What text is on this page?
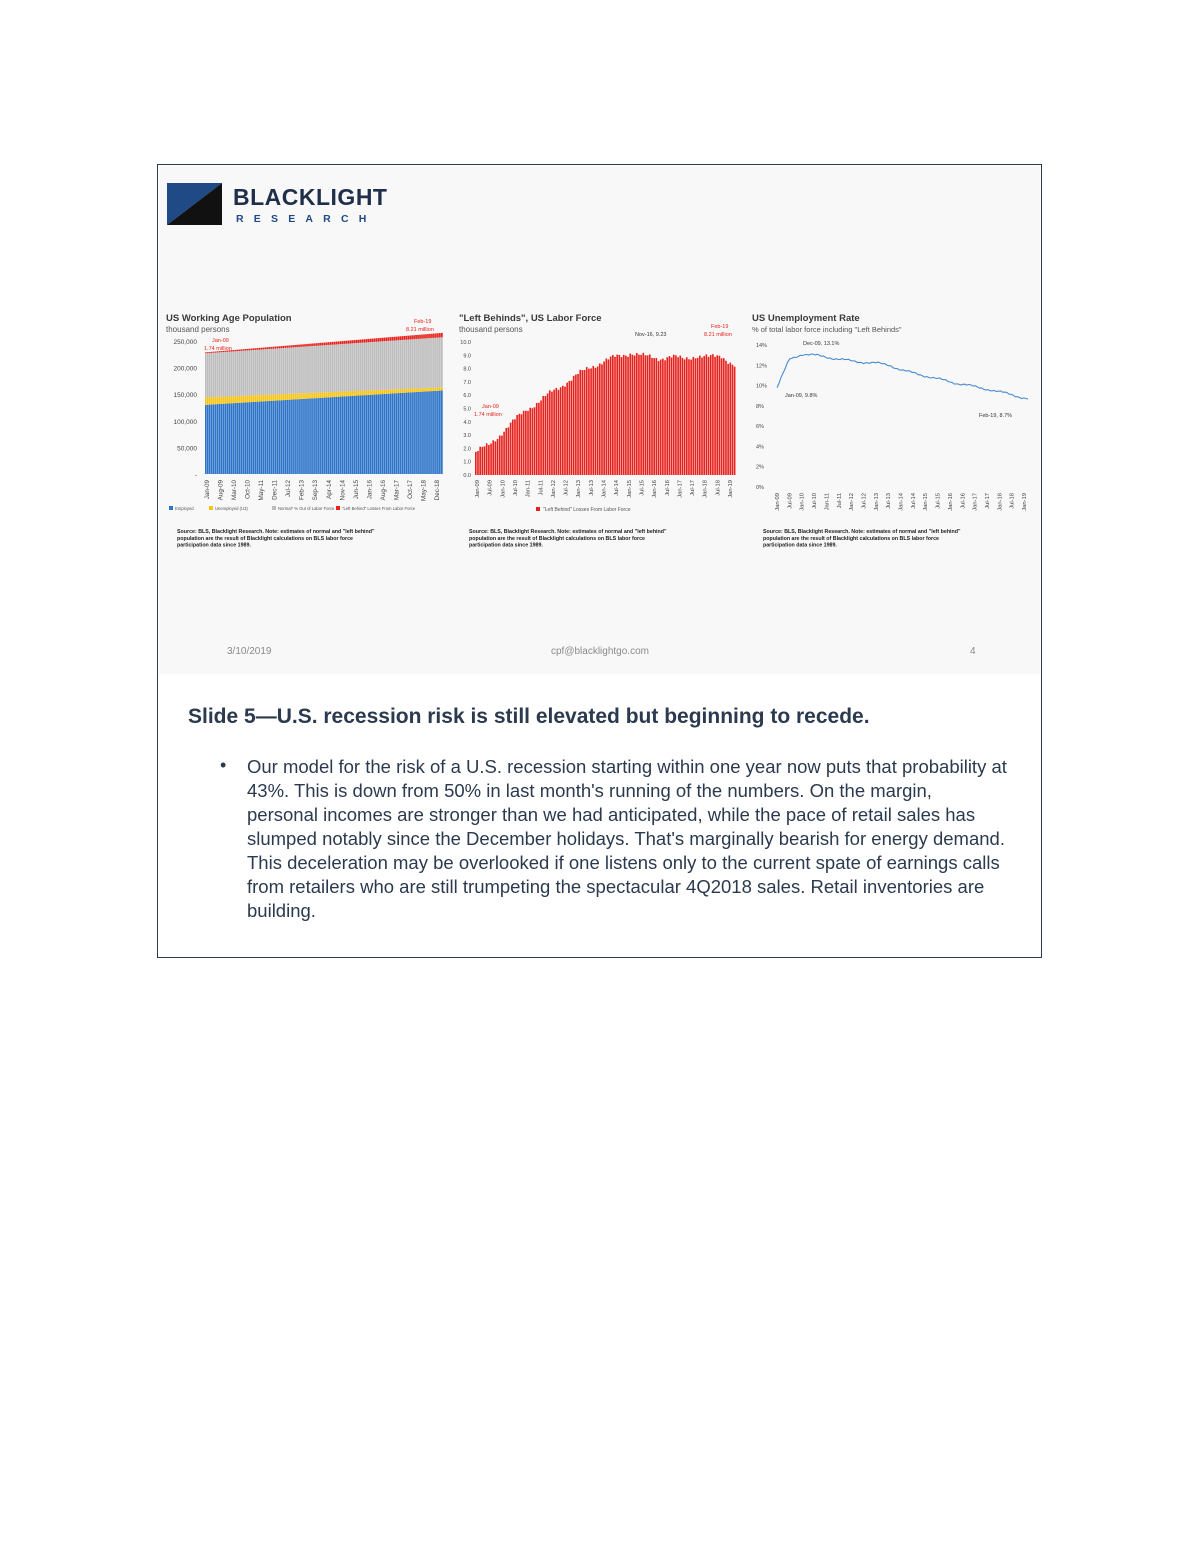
BLACKLIGHT
RESEARCH
US Working Age Population
thousand persons
250,000
200,000
150,000
100,000
50,000
-
Jan-09 Aug-09 Mar-10 Oct-10 May-11 Dec-11 Jul-12 Feb-13 Sep-13 Apr-14 Nov-14 Jun-15 Jan-16 Aug-16 Mar-17 Oct-17 May-18 Dec-18
Employed	Unemployed (U3)	Normal* % Out of Labor Force "Left Behind" Losses From Labor Force
Jan-09
1.74 million
Feb-19
8.21 million
Source: BLS, Blacklight Research. Note: estimates of normal and "left behind"
population are the result of Blacklight calculations on BLS labor force
participation data since 1989.
"Left Behinds", US Labor Force
thousand persons
10.0
9.0
8.0
7.0
6.0
5.0
4.0
3.0
2.0
1.0
0.0
Jan-09 Jul-09 Jan-10 Jul-10 Jan-11 Jul-11 Jan-12 Jul-12 Jan-13 Jul-13 Jan-14 Jul-14 Jan-15 Jul-15 Jan-16 Jul-16 Jan-17 Jul-17 Jan-18 Jul-18 Jan-19
"Left Behind" Losses From Labor Force
Jan-09
1.74 million
Nov-16, 9.23
Feb-19
8.21 million
Source: BLS, Blacklight Research. Note: estimates of normal and "left behind"
population are the result of Blacklight calculations on BLS labor force
participation data since 1989.
US Unemployment Rate
% of total labor force including "Left Behinds"
14%
12%
10%
8%
6%
4%
2%
0%
Jan-09 Jul-09 Jan-10 Jul-10 Jan-11 Jul-11 Jan-12 Jul-12 Jan-13 Jul-13 Jan-14 Jul-14 Jan-15 Jul-15 Jan-16 Jul-16 Jan-17 Jul-17 Jan-18 Jul-18 Jan-19
Dec-09, 13.1%
Jan-09, 9.8%
Feb-19, 8.7%
Source: BLS, Blacklight Research. Note: estimates of normal and "left behind"
population are the result of Blacklight calculations on BLS labor force
participation data since 1989.
3/10/2019	cpf@blacklightgo.com	4
Slide 5—U.S. recession risk is still elevated but beginning to recede.
• Our model for the risk of a U.S. recession starting within one year now puts that probability at 43%. This is down from 50% in last month's running of the numbers. On the margin, personal incomes are stronger than we had anticipated, while the pace of retail sales has slumped notably since the December holidays. That's marginally bearish for energy demand. This deceleration may be overlooked if one listens only to the current spate of earnings calls from retailers who are still trumpeting the spectacular 4Q2018 sales. Retail inventories are building.
